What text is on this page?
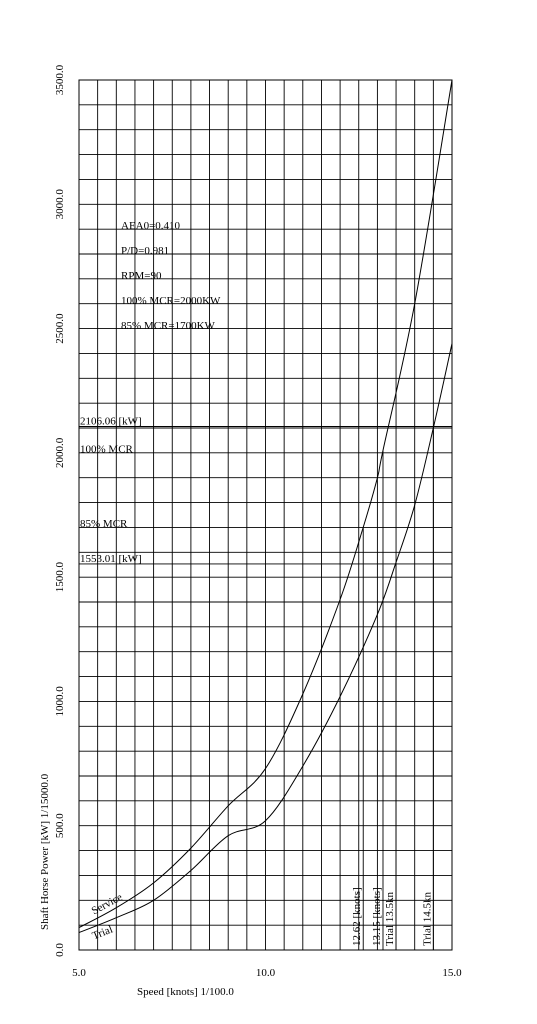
2106.06 [kW]
100% MCR
1553.01 [kW]
85% MCR
12.62 [knots] 13.15 [knots] Trial 13.5kn Trial 14.5kn
Service
Trial
5.0	10.0	15.0
0.0
500.0
1000.0
1500.0
2000.0
2500.0
3000.0
3500.0
AEA0=0.410
P/D=0.981
RPM=90
100% MCR=2000KW
85% MCR=1700KW
Speed [knots] 1/100.0
Shaft Horse Power [kW] 1/15000.0
